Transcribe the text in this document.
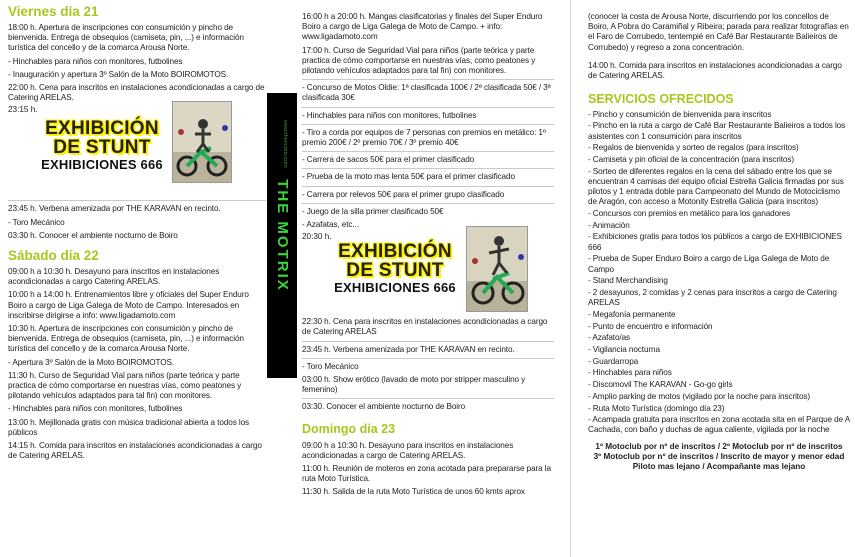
Viernes día 21
18:00 h. Apertura de inscripciones con consumición y pincho de bienvenida. Entrega de obsequios (camiseta, pin, ...) e información turística del concello y de la comarca Arousa Norte.
- Hinchables para niños con monitores, futbolines
- Inauguración y apertura 3º Salón de la Moto BOIROMOTOS.
22:00 h. Cena para inscritos en instalaciones acondicionadas a cargo de Catering ARELAS.
23:15 h.
EXHIBICIÓN
DE STUNT
EXHIBICIONES 666
23:45 h. Verbena amenizada por THE KARAVAN en recinto.
- Toro Mecánico
03:30 h. Conocer el ambiente nocturno de Boiro
Sábado día 22
09:00 h a 10:30 h. Desayuno para inscritos en instalaciones acondicionadas a cargo Catering ARELAS.
10:00 h a 14:00 h. Entrenamientos libre y oficiales del Super Enduro Boiro a cargo de Liga Galega de Moto de Campo. Interesados en inscribirse dirigirse a info: www.ligadamoto.com
10:30 h. Apertura de inscripciones con consumición y pincho de bienvenida. Entrega de obsequios (camiseta, pin, ...) e información turística del concello y de la comarca Arousa Norte.
- Apertura 3º Salón de la Moto BOIROMOTOS.
11:30 h. Curso de Seguridad Vial para niños (parte teórica y parte practica de cómo comportarse en nuestras vías, como peatones y pilotando vehículos adaptados para tal fin) con monitores.
- Hinchables para niños con monitores, futbolines
13:00 h. Mejillonada gratis con música tradicional abierta a todos los públicos
14:15 h. Comida para inscritos en instalaciones acondicionadas a cargo de Catering ARELAS.
THE MOTRIX
www.themotrix.com
16:00 h a 20:00 h. Mangas clasificatorias y finales del Super Enduro Boiro a cargo de Liga Galega de Moto de Campo. + info: www.ligadamoto.com
17:00 h. Curso de Seguridad Vial para niños (parte teórica y parte practica de cómo comportarse en nuestras vías, como peatones y pilotando vehículos adaptados para tal fin) con monitores.
- Concurso de Motos Oldie: 1ª clasificada 100€ / 2ª clasificada 50€ / 3ª clasificada 30€
- Hinchables para niños con monitores, futbolines
- Tiro a corda por equipos de 7 personas con premios en metálico: 1º premio 200€ / 2º premio 70€ / 3º premio 40€
- Carrera de sacos 50€ para el primer clasificado
- Prueba de la moto mas lenta 50€ para el primer clasificado
- Carrera por relevos 50€ para el primer grupo clasificado
- Juego de la silla primer clasificado 50€
- Azafatas, etc...
20:30 h.
EXHIBICIÓN
DE STUNT
EXHIBICIONES 666
22:30 h. Cena para inscritos en instalaciones acondicionadas a cargo de Catering ARELAS
23:45 h. Verbena amenizada por THE KARAVAN en recinto.
- Toro Mecánico
03:00 h. Show erótico (lavado de moto por stripper masculino y femenino)
03:30. Conocer el ambiente nocturno de Boiro
Domingo día 23
09:00 h a 10:30 h. Desayuno para inscritos en instalaciones acondicionadas a cargo de Catering ARELAS.
11:00 h. Reunión de moteros en zona acotada para prepararse para la ruta Moto Turística.
11:30 h. Salida de la ruta Moto Turística de unos 60 kmts aprox
(conocer la costa de Arousa Norte, discurriendo por los concellos de Boiro, A Pobra do Caramiñal y Ribeira; parada para realizar fotografías en el Faro de Corrubedo, tentempié en Café Bar Restaurante Balieiros de Corrubedo) y regreso a zona concentración.
14:00 h. Comida para inscritos en instalaciones acondicionadas a cargo de Catering ARELAS.
SERVICIOS OFRECIDOS
- Pincho y consumición de bienvenida para inscritos
- Pincho en la ruta a cargo de Café Bar Restaurante Balieiros a todos los asistentes con 1 consumición para inscritos
- Regalos de bienvenida y sorteo de regalos (para inscritos)
- Camiseta y pin oficial de la concentración (para inscritos)
- Sorteo de diferentes regalos en la cena del sábado entre los que se encuentran 4 camisas del equipo oficial Estrella Galicia firmadas por sus pilotos y 1 entrada doble para Campeonato del Mundo de Motociclismo de Aragón, con acceso a Motonity Estrella Galicia (para inscritos)
- Concursos con premios en metálico para los ganadores
- Animación
- Exhibiciones gratis para todos los públicos a cargo de EXHIBICIONES 666
- Prueba de Super Enduro Boiro a cargo de Liga Galega de Moto de Campo
- Stand Merchandising
- 2 desayunos, 2 comidas y 2 cenas para inscritos a cargo de Catering ARELAS
- Megafonía permanente
- Punto de encuentro e información
- Azafato/as
- Vigilancia nocturna
- Guardarropa
- Hinchables para niños
- Discomovil The KARAVAN - Go-go girls
- Amplio parking de motos (vigilado por la noche para inscritos)
- Ruta Moto Turística (domingo día 23)
- Acampada gratuita para inscritos en zona acotada sita en el Parque de A Cachada, con baño y duchas de agua caliente, vigilada por la noche
1º Motoclub por nº de inscritos / 2º Motoclub por nº de inscritos
3º Motoclub por nº de inscritos / Inscrito de mayor y menor edad
Piloto mas lejano / Acompañante mas lejano
